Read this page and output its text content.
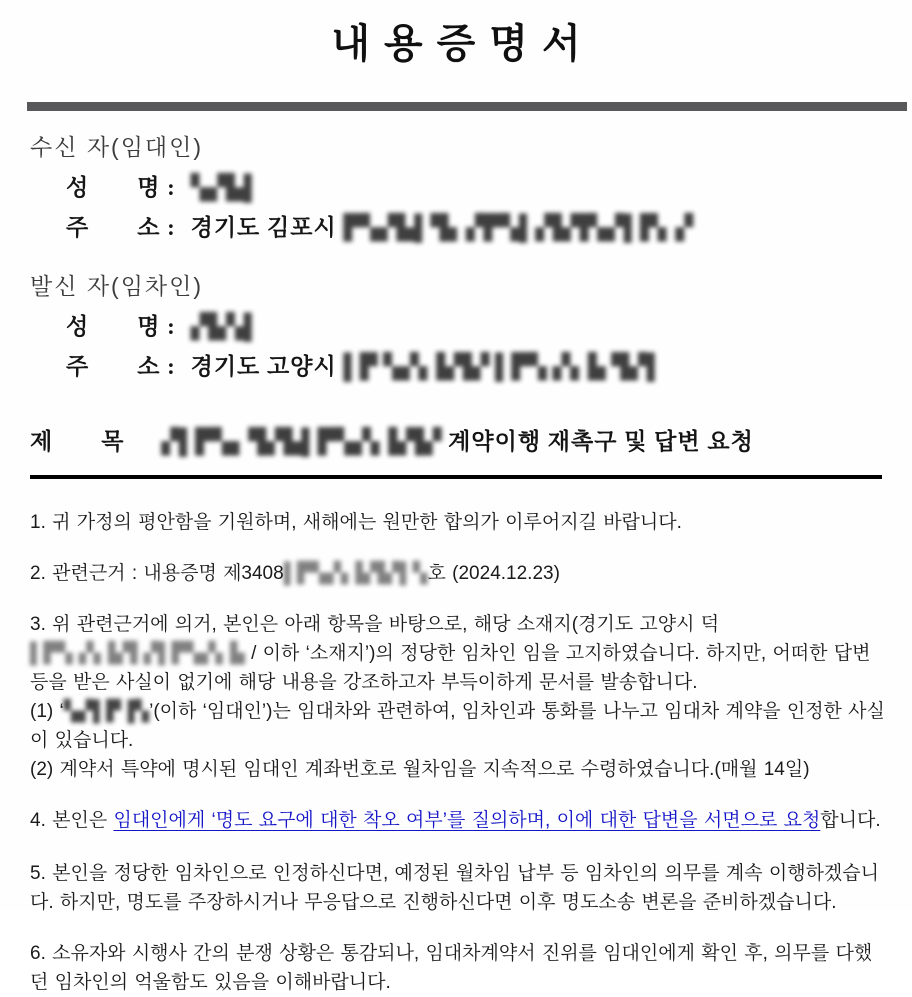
내용증명서
수신 자(임대인)
성　　명 : ▚▞▙▌
주　　소 : 경기도 김포시 ▛▚▞▙▌▜▖▞▛▚▌▞▙▜▚▞▌▛▖▞
발신 자(임차인)
성　　명 : ▞▙▚▌
주　　소 : 경기도 고양시 ▌▛ ▚▞▖▙▜▞ ▌▛▚ ▞▖▙ ▜▞▌
제　　목 ▞▌▛▚▖▜▞▙▌▛▚▞▖▙▜▞ 계약이행 재촉구 및 답변 요청

1. 귀 가정의 평안함을 기원하며, 새해에는 원만한 합의가 이루어지길 바랍니다.

2. 관련근거 : 내용증명 제3408▌▛▚▞▖▙▜▞▌▚호 (2024.12.23)

3. 위 관련근거에 의거, 본인은 아래 항목을 바탕으로, 해당 소재지(경기도 고양시 덕▌▛▚ ▞▖▙▜ ▞▌▛▚▞▖▙ / 이하 ‘소재지’)의 정당한 임차인 임을 고지하였습니다. 하지만, 어떠한 답변 등을 받은 사실이 없기에 해당 내용을 강조하고자 부득이하게 문서를 발송합니다.

(1) ‘▚▞▌▛▐▚’(이하 ‘임대인’)는 임대차와 관련하여, 임차인과 통화를 나누고 임대차 계약을 인정한 사실이 있습니다.

(2) 계약서 특약에 명시된 임대인 계좌번호로 월차임을 지속적으로 수령하였습니다.(매월 14일)

4. 본인은 임대인에게 ‘명도 요구에 대한 착오 여부’를 질의하며, 이에 대한 답변을 서면으로 요청합니다.

5. 본인을 정당한 임차인으로 인정하신다면, 예정된 월차임 납부 등 임차인의 의무를 계속 이행하겠습니다. 하지만, 명도를 주장하시거나 무응답으로 진행하신다면 이후 명도소송 변론을 준비하겠습니다.

6. 소유자와 시행사 간의 분쟁 상황은 통감되나, 임대차계약서 진위를 임대인에게 확인 후, 의무를 다했던 임차인의 억울함도 있음을 이해바랍니다.
